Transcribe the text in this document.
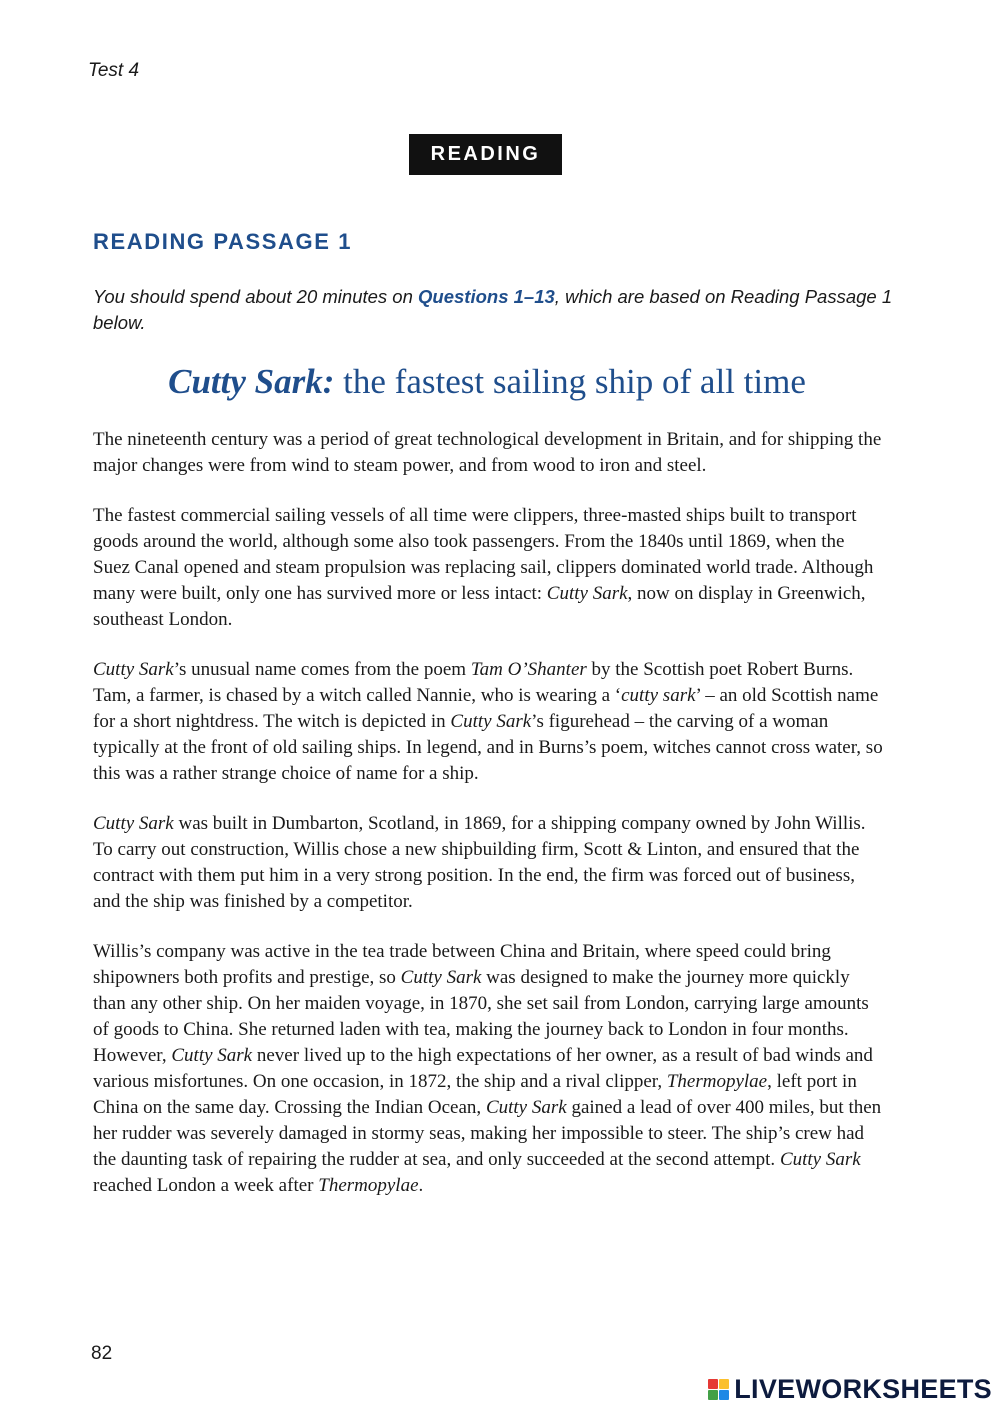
Test 4
READING
READING PASSAGE 1
You should spend about 20 minutes on Questions 1–13, which are based on Reading Passage 1 below.
Cutty Sark: the fastest sailing ship of all time

The nineteenth century was a period of great technological development in Britain, and for shipping the major changes were from wind to steam power, and from wood to iron and steel.

The fastest commercial sailing vessels of all time were clippers, three-masted ships built to transport goods around the world, although some also took passengers. From the 1840s until 1869, when the Suez Canal opened and steam propulsion was replacing sail, clippers dominated world trade. Although many were built, only one has survived more or less intact: Cutty Sark, now on display in Greenwich, southeast London.

Cutty Sark’s unusual name comes from the poem Tam O’Shanter by the Scottish poet Robert Burns. Tam, a farmer, is chased by a witch called Nannie, who is wearing a ‘cutty sark’ – an old Scottish name for a short nightdress. The witch is depicted in Cutty Sark’s figurehead – the carving of a woman typically at the front of old sailing ships. In legend, and in Burns’s poem, witches cannot cross water, so this was a rather strange choice of name for a ship.

Cutty Sark was built in Dumbarton, Scotland, in 1869, for a shipping company owned by John Willis. To carry out construction, Willis chose a new shipbuilding firm, Scott & Linton, and ensured that the contract with them put him in a very strong position. In the end, the firm was forced out of business, and the ship was finished by a competitor.

Willis’s company was active in the tea trade between China and Britain, where speed could bring shipowners both profits and prestige, so Cutty Sark was designed to make the journey more quickly than any other ship. On her maiden voyage, in 1870, she set sail from London, carrying large amounts of goods to China. She returned laden with tea, making the journey back to London in four months. However, Cutty Sark never lived up to the high expectations of her owner, as a result of bad winds and various misfortunes. On one occasion, in 1872, the ship and a rival clipper, Thermopylae, left port in China on the same day. Crossing the Indian Ocean, Cutty Sark gained a lead of over 400 miles, but then her rudder was severely damaged in stormy seas, making her impossible to steer. The ship’s crew had the daunting task of repairing the rudder at sea, and only succeeded at the second attempt. Cutty Sark reached London a week after Thermopylae.

82
LIVEWORKSHEETS
